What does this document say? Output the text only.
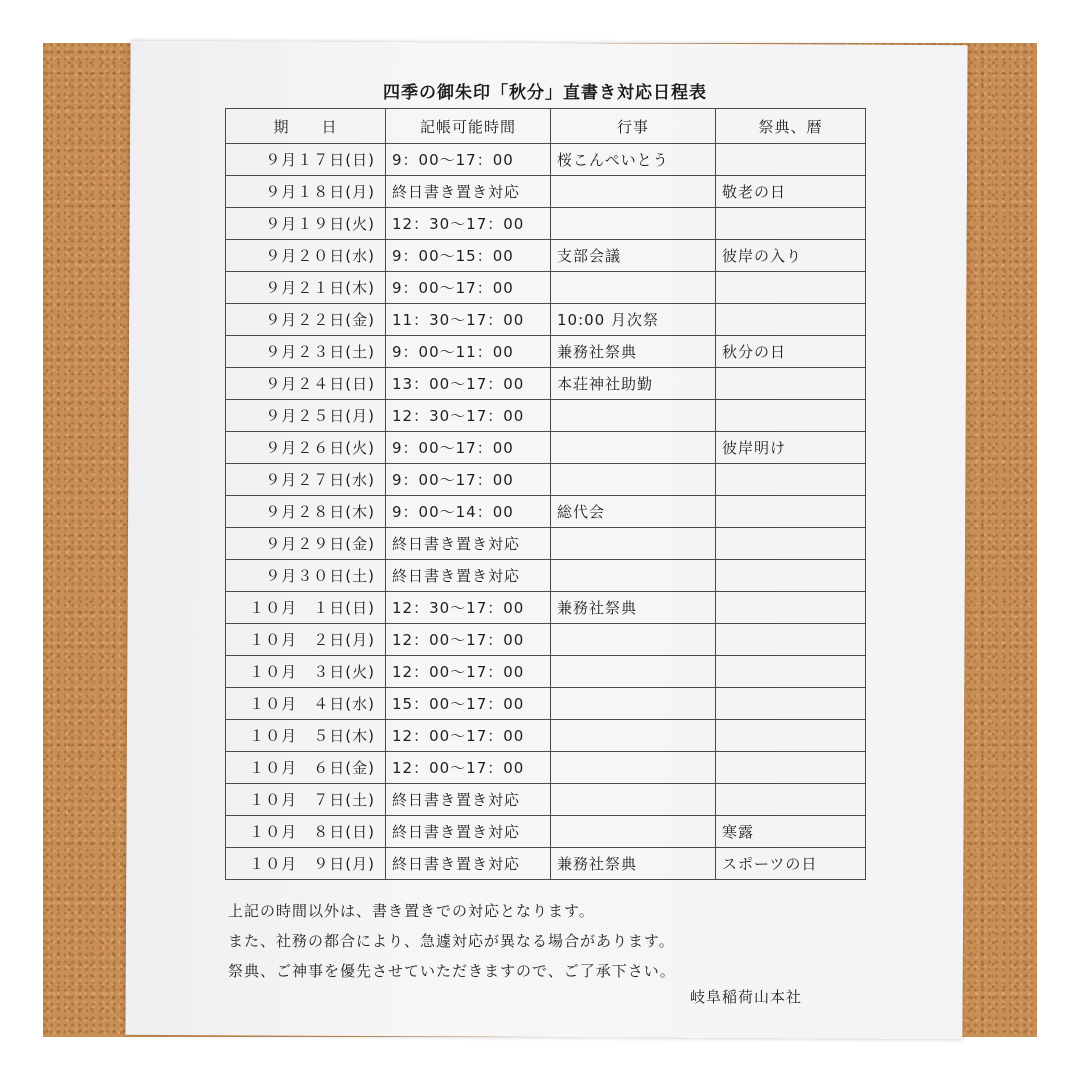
四季の御朱印「秋分」直書き対応日程表
期　　日	記帳可能時間	行事	祭典、暦
９月１７日(日)	9：00〜17：00	桜こんぺいとう	
９月１８日(月)	終日書き置き対応		敬老の日
９月１９日(火)	12：30〜17：00		
９月２０日(水)	9：00〜15：00	支部会議	彼岸の入り
９月２１日(木)	9：00〜17：00		
９月２２日(金)	11：30〜17：00	10:00 月次祭	
９月２３日(土)	9：00〜11：00	兼務社祭典	秋分の日
９月２４日(日)	13：00〜17：00	本荘神社助勤	
９月２５日(月)	12：30〜17：00		
９月２６日(火)	9：00〜17：00		彼岸明け
９月２７日(水)	9：00〜17：00		
９月２８日(木)	9：00〜14：00	総代会	
９月２９日(金)	終日書き置き対応		
９月３０日(土)	終日書き置き対応		
１０月　１日(日)	12：30〜17：00	兼務社祭典	
１０月　２日(月)	12：00〜17：00		
１０月　３日(火)	12：00〜17：00		
１０月　４日(水)	15：00〜17：00		
１０月　５日(木)	12：00〜17：00		
１０月　６日(金)	12：00〜17：00		
１０月　７日(土)	終日書き置き対応		
１０月　８日(日)	終日書き置き対応		寒露
１０月　９日(月)	終日書き置き対応	兼務社祭典	スポーツの日

上記の時間以外は、書き置きでの対応となります。

また、社務の都合により、急遽対応が異なる場合があります。

祭典、ご神事を優先させていただきますので、ご了承下さい。

岐阜稲荷山本社
